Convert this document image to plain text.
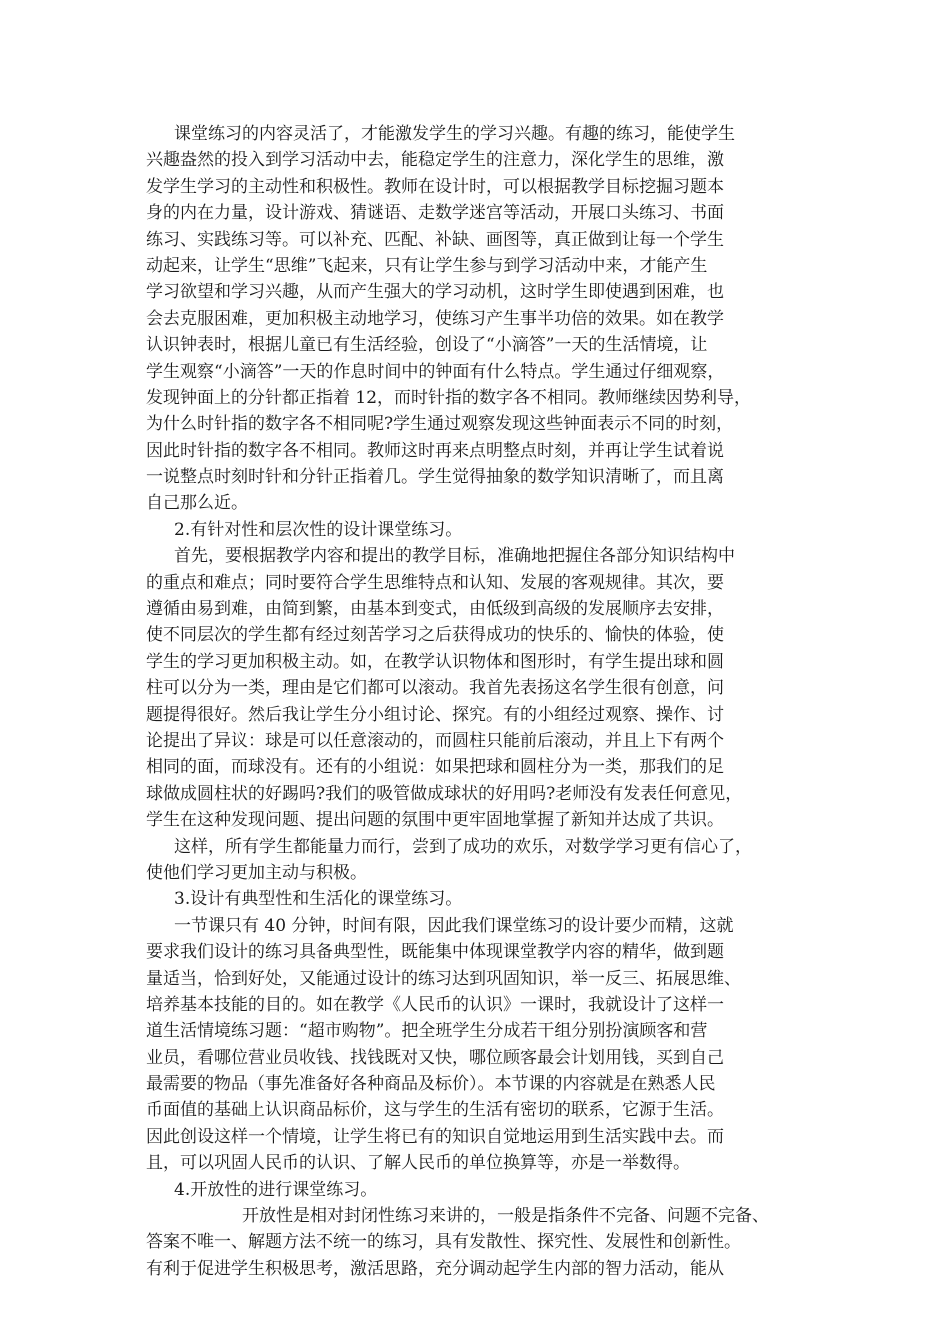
课堂练习的内容灵活了，才能激发学生的学习兴趣。有趣的练习，能使学生
兴趣盎然的投入到学习活动中去，能稳定学生的注意力，深化学生的思维，激
发学生学习的主动性和积极性。教师在设计时，可以根据教学目标挖掘习题本
身的内在力量，设计游戏、猜谜语、走数学迷宫等活动，开展口头练习、书面
练习、实践练习等。可以补充、匹配、补缺、画图等，真正做到让每一个学生
动起来，让学生“思维”飞起来，只有让学生参与到学习活动中来，才能产生
学习欲望和学习兴趣，从而产生强大的学习动机，这时学生即使遇到困难，也
会去克服困难，更加积极主动地学习，使练习产生事半功倍的效果。如在教学
认识钟表时，根据儿童已有生活经验，创设了“小滴答”一天的生活情境，让
学生观察“小滴答”一天的作息时间中的钟面有什么特点。学生通过仔细观察，
发现钟面上的分针都正指着 12，而时针指的数字各不相同。教师继续因势利导，
为什么时针指的数字各不相同呢?学生通过观察发现这些钟面表示不同的时刻，
因此时针指的数字各不相同。教师这时再来点明整点时刻，并再让学生试着说
一说整点时刻时针和分针正指着几。学生觉得抽象的数学知识清晰了，而且离
自己那么近。
2.有针对性和层次性的设计课堂练习。
首先，要根据教学内容和提出的教学目标，准确地把握住各部分知识结构中
的重点和难点；同时要符合学生思维特点和认知、发展的客观规律。其次，要
遵循由易到难，由简到繁，由基本到变式，由低级到高级的发展顺序去安排，
使不同层次的学生都有经过刻苦学习之后获得成功的快乐的、愉快的体验，使
学生的学习更加积极主动。如，在教学认识物体和图形时，有学生提出球和圆
柱可以分为一类，理由是它们都可以滚动。我首先表扬这名学生很有创意，问
题提得很好。然后我让学生分小组讨论、探究。有的小组经过观察、操作、讨
论提出了异议：球是可以任意滚动的，而圆柱只能前后滚动，并且上下有两个
相同的面，而球没有。还有的小组说：如果把球和圆柱分为一类，那我们的足
球做成圆柱状的好踢吗?我们的吸管做成球状的好用吗?老师没有发表任何意见，
学生在这种发现问题、提出问题的氛围中更牢固地掌握了新知并达成了共识。
这样，所有学生都能量力而行，尝到了成功的欢乐，对数学学习更有信心了，
使他们学习更加主动与积极。
3.设计有典型性和生活化的课堂练习。
一节课只有 40 分钟，时间有限，因此我们课堂练习的设计要少而精，这就
要求我们设计的练习具备典型性，既能集中体现课堂教学内容的精华，做到题
量适当，恰到好处，又能通过设计的练习达到巩固知识，举一反三、拓展思维、
培养基本技能的目的。如在教学《人民币的认识》一课时，我就设计了这样一
道生活情境练习题：“超市购物”。把全班学生分成若干组分别扮演顾客和营
业员，看哪位营业员收钱、找钱既对又快，哪位顾客最会计划用钱，买到自己
最需要的物品（事先准备好各种商品及标价）。本节课的内容就是在熟悉人民
币面值的基础上认识商品标价，这与学生的生活有密切的联系，它源于生活。
因此创设这样一个情境，让学生将已有的知识自觉地运用到生活实践中去。而
且，可以巩固人民币的认识、了解人民币的单位换算等，亦是一举数得。
4.开放性的进行课堂练习。
开放性是相对封闭性练习来讲的，一般是指条件不完备、问题不完备、
答案不唯一、解题方法不统一的练习，具有发散性、探究性、发展性和创新性。
有利于促进学生积极思考，激活思路，充分调动起学生内部的智力活动，能从
